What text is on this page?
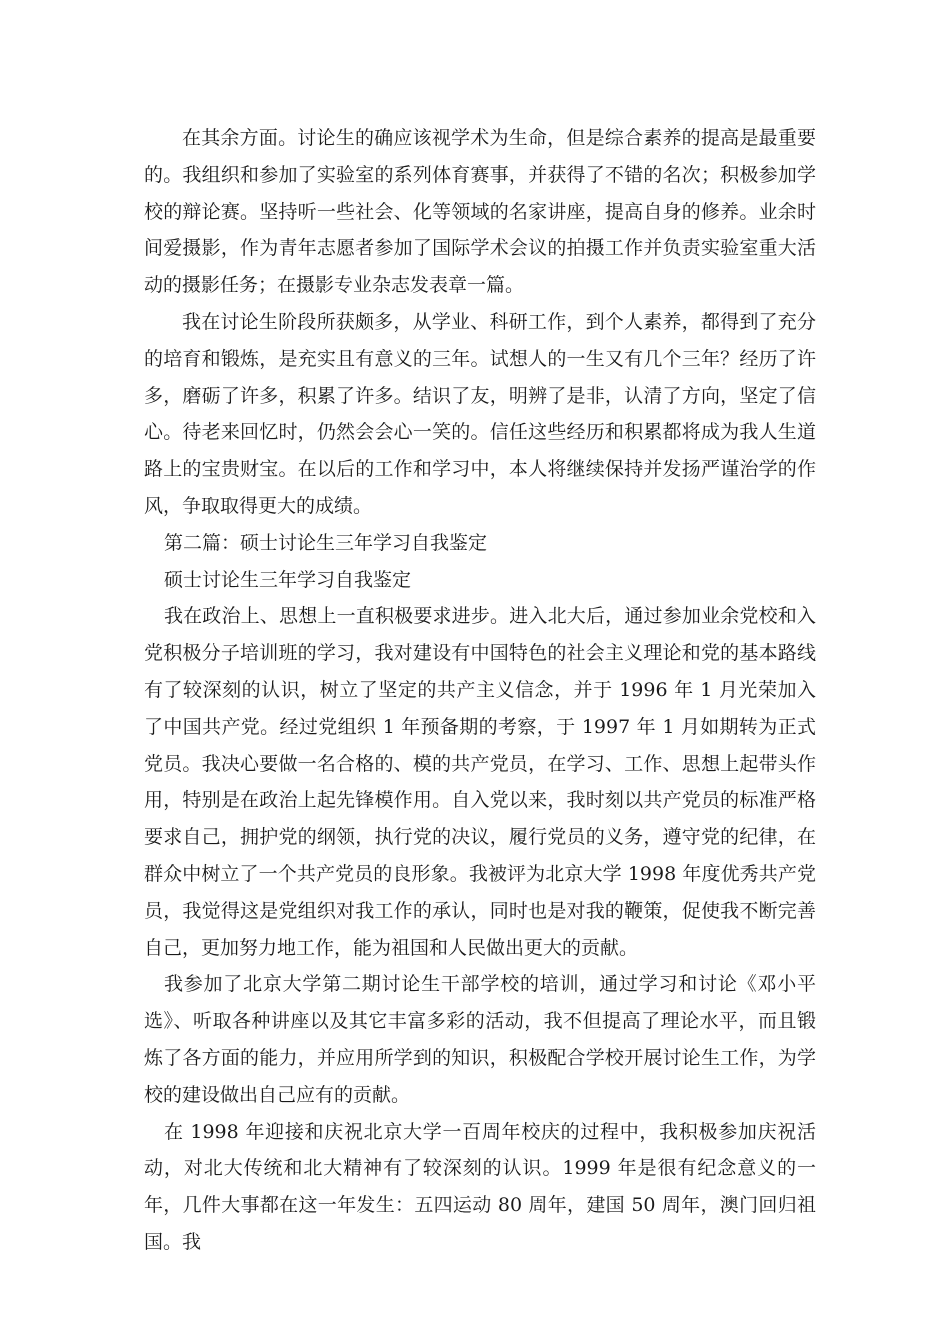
在其余方面。讨论生的确应该视学术为生命，但是综合素养的提高是最重要的。我组织和参加了实验室的系列体育赛事，并获得了不错的名次；积极参加学校的辩论赛。坚持听一些社会、化等领域的名家讲座，提高自身的修养。业余时间爱摄影，作为青年志愿者参加了国际学术会议的拍摄工作并负责实验室重大活动的摄影任务；在摄影专业杂志发表章一篇。

我在讨论生阶段所获颇多，从学业、科研工作，到个人素养，都得到了充分的培育和锻炼，是充实且有意义的三年。试想人的一生又有几个三年？经历了许多，磨砺了许多，积累了许多。结识了友，明辨了是非，认清了方向，坚定了信心。待老来回忆时，仍然会会心一笑的。信任这些经历和积累都将成为我人生道路上的宝贵财宝。在以后的工作和学习中，本人将继续保持并发扬严谨治学的作风，争取取得更大的成绩。

第二篇：硕士讨论生三年学习自我鉴定

硕士讨论生三年学习自我鉴定

我在政治上、思想上一直积极要求进步。进入北大后，通过参加业余党校和入党积极分子培训班的学习，我对建设有中国特色的社会主义理论和党的基本路线有了较深刻的认识，树立了坚定的共产主义信念，并于 1996 年 1 月光荣加入了中国共产党。经过党组织 1 年预备期的考察，于 1997 年 1 月如期转为正式党员。我决心要做一名合格的、模的共产党员，在学习、工作、思想上起带头作用，特别是在政治上起先锋模作用。自入党以来，我时刻以共产党员的标准严格要求自己，拥护党的纲领，执行党的决议，履行党员的义务，遵守党的纪律，在群众中树立了一个共产党员的良形象。我被评为北京大学 1998 年度优秀共产党员，我觉得这是党组织对我工作的承认，同时也是对我的鞭策，促使我不断完善自己，更加努力地工作，能为祖国和人民做出更大的贡献。

我参加了北京大学第二期讨论生干部学校的培训，通过学习和讨论《邓小平选》、听取各种讲座以及其它丰富多彩的活动，我不但提高了理论水平，而且锻炼了各方面的能力，并应用所学到的知识，积极配合学校开展讨论生工作，为学校的建设做出自己应有的贡献。

在 1998 年迎接和庆祝北京大学一百周年校庆的过程中，我积极参加庆祝活动，对北大传统和北大精神有了较深刻的认识。1999 年是很有纪念意义的一年，几件大事都在这一年发生：五四运动 80 周年，建国 50 周年，澳门回归祖国。我
